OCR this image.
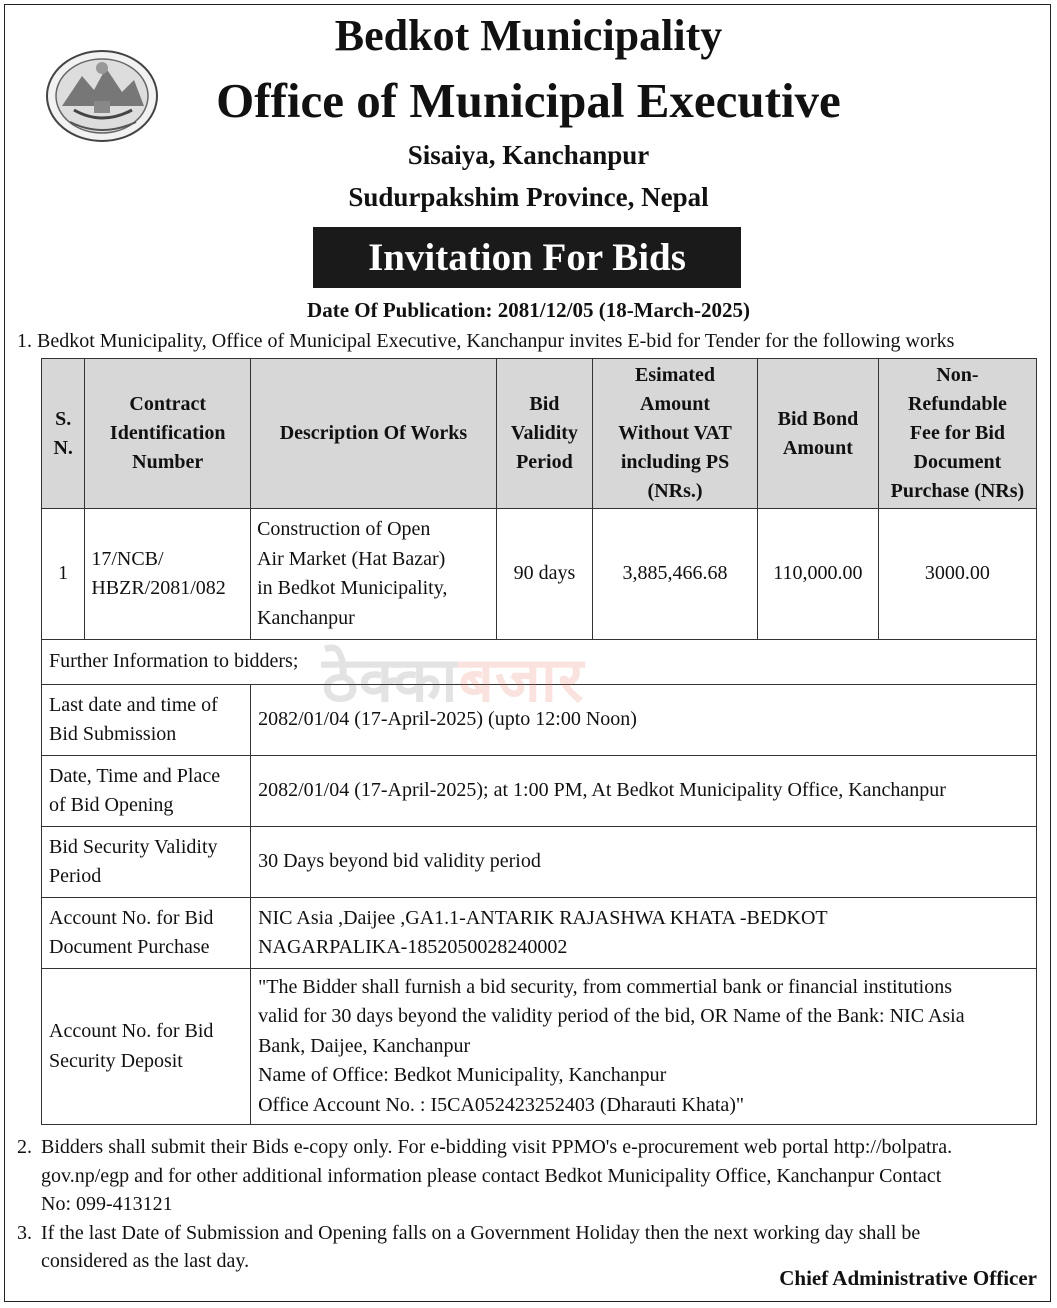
Bedkot Municipality
Office of Municipal Executive
Sisaiya, Kanchanpur
Sudurpakshim Province, Nepal
Invitation For Bids
Date Of Publication: 2081/12/05 (18-March-2025)
1. Bedkot Municipality, Office of Municipal Executive, Kanchanpur invites E-bid for Tender for the following works
S.
N.	Contract
Identification
Number	Description Of Works	Bid
Validity
Period	Esimated
Amount
Without VAT
including PS
(NRs.)	Bid Bond
Amount	Non-
Refundable
Fee for Bid
Document
Purchase (NRs)
1	17/NCB/
HBZR/2081/082	Construction of Open
Air Market (Hat Bazar)
in Bedkot Municipality,
Kanchanpur	90 days	3,885,466.68	110,000.00	3000.00
Further Information to bidders;						
Last date and time of
Bid Submission		2082/01/04 (17-April-2025) (upto 12:00 Noon)				
Date, Time and Place
of Bid Opening		2082/01/04 (17-April-2025); at 1:00 PM, At Bedkot Municipality Office, Kanchanpur				
Bid Security Validity
Period		30 Days beyond bid validity period				
Account No. for Bid
Document Purchase		NIC Asia ,Daijee ,GA1.1-ANTARIK RAJASHWA KHATA -BEDKOT
NAGARPALIKA-1852050028240002				
Account No. for Bid
Security Deposit		"The Bidder shall furnish a bid security, from commertial bank or financial institutions
valid for 30 days beyond the validity period of the bid, OR Name of the Bank: NIC Asia
Bank, Daijee, Kanchanpur
Name of Office: Bedkot Municipality, Kanchanpur
Office Account No. : I5CA052423252403 (Dharauti Khata)"				
ठेक्काबजार
2. Bidders shall submit their Bids e-copy only. For e-bidding visit PPMO's e-procurement web portal http://bolpatra.
gov.np/egp and for other additional information please contact Bedkot Municipality Office, Kanchanpur Contact
No: 099-413121
3. If the last Date of Submission and Opening falls on a Government Holiday then the next working day shall be
considered as the last day.
Chief Administrative Officer
